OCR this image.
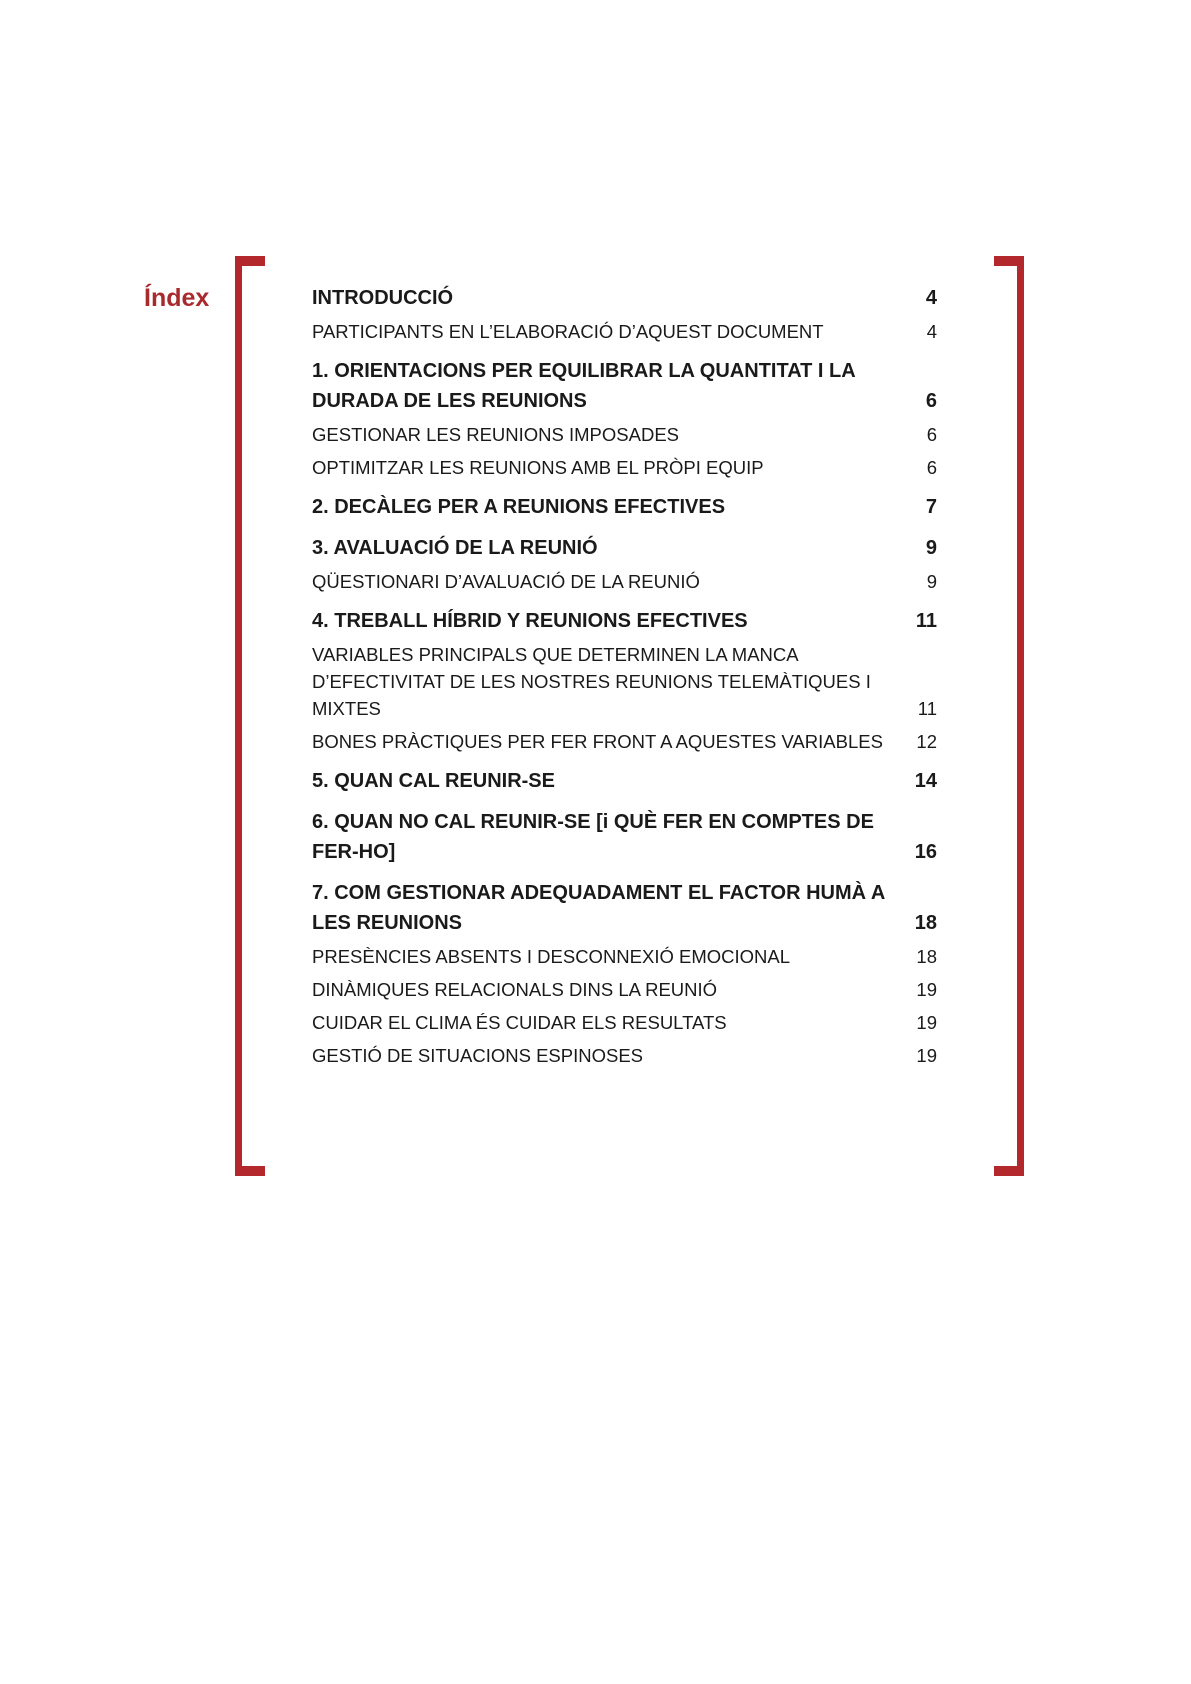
Índex	INTRODUCCIÓ	4
PARTICIPANTS EN L’ELABORACIÓ D’AQUEST DOCUMENT	4
1. ORIENTACIONS PER EQUILIBRAR LA QUANTITAT I LA DURADA DE LES REUNIONS	6
GESTIONAR LES REUNIONS IMPOSADES	6
OPTIMITZAR LES REUNIONS AMB EL PRÒPI EQUIP	6
2. DECÀLEG PER A REUNIONS EFECTIVES	7
3. AVALUACIÓ DE LA REUNIÓ	9
QÜESTIONARI D’AVALUACIÓ DE LA REUNIÓ	9
4. TREBALL HÍBRID Y REUNIONS EFECTIVES	11
VARIABLES PRINCIPALS QUE DETERMINEN LA MANCA D’EFECTIVITAT DE LES NOSTRES REUNIONS TELEMÀTIQUES I MIXTES	11
BONES PRÀCTIQUES PER FER FRONT A AQUESTES VARIABLES	12
5. QUAN CAL REUNIR-SE	14
6. QUAN NO CAL REUNIR-SE [i QUÈ FER EN COMPTES DE FER-HO]	16
7. COM GESTIONAR ADEQUADAMENT EL FACTOR HUMÀ A LES REUNIONS	18
PRESÈNCIES ABSENTS I DESCONNEXIÓ EMOCIONAL	18
DINÀMIQUES RELACIONALS DINS LA REUNIÓ	19
CUIDAR EL CLIMA ÉS CUIDAR ELS RESULTATS	19
GESTIÓ DE SITUACIONS ESPINOSES	19
